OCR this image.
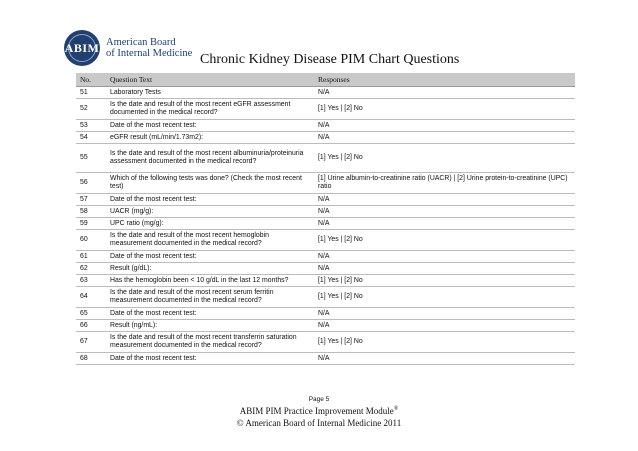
ABIM American Board
of Internal Medicine Chronic Kidney Disease PIM Chart Questions
No.	Question Text	Responses
51	Laboratory Tests	N/A
52	Is the date and result of the most recent eGFR assessment documented in the medical record?	[1] Yes | [2] No
53	Date of the most recent test:	N/A
54	eGFR result (mL/min/1.73m2):	N/A
55	Is the date and result of the most recent albuminuria/proteinuria assessment documented in the medical record?	[1] Yes | [2] No
56	Which of the following tests was done? (Check the most recent test)	[1] Urine albumin-to-creatinine ratio (UACR) | [2] Urine protein-to-creatinine (UPC) ratio
57	Date of the most recent test:	N/A
58	UACR (mg/g):	N/A
59	UPC ratio (mg/g):	N/A
60	Is the date and result of the most recent hemoglobin measurement documented in the medical record?	[1] Yes | [2] No
61	Date of the most recent test:	N/A
62	Result (g/dL):	N/A
63	Has the hemoglobin been < 10 g/dL in the last 12 months?	[1] Yes | [2] No
64	Is the date and result of the most recent serum ferritin measurement documented in the medical record?	[1] Yes | [2] No
65	Date of the most recent test:	N/A
66	Result (ng/mL):	N/A
67	Is the date and result of the most recent transferrin saturation measurement documented in the medical record?	[1] Yes | [2] No
68	Date of the most recent test:	N/A
Page 5
ABIM PIM Practice Improvement Module®
© American Board of Internal Medicine 2011
